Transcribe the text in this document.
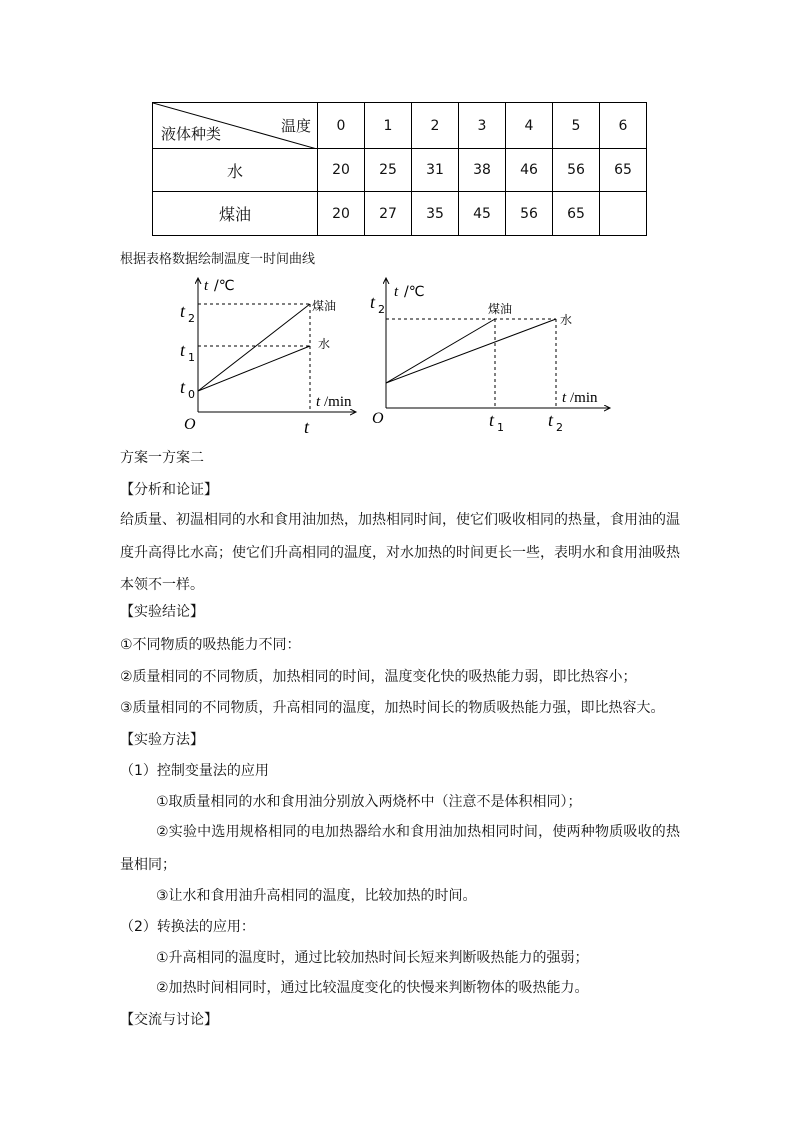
温度
液体种类	0	1	2	3	4	5	6
水	20	25	31	38	46	56	65
煤油	20	27	35	45	56	65	
根据表格数据绘制温度一时间曲线
t /℃
煤油
水
t 2
t 1
t 0
O	t
t /min
t /℃
煤油
水
t 2
O	t 1 t 2
t /min
方案一方案二
【分析和论证】
给质量、初温相同的水和食用油加热，加热相同时间，使它们吸收相同的热量，食用油的温度升高得比水高；使它们升高相同的温度，对水加热的时间更长一些，表明水和食用油吸热本领不一样。
【实验结论】
①不同物质的吸热能力不同：
②质量相同的不同物质，加热相同的时间，温度变化快的吸热能力弱，即比热容小；
③质量相同的不同物质，升高相同的温度，加热时间长的物质吸热能力强，即比热容大。
【实验方法】
（1）控制变量法的应用
①取质量相同的水和食用油分别放入两烧杯中（注意不是体积相同）；
②实验中选用规格相同的电加热器给水和食用油加热相同时间，使两种物质吸收的热量相同；
③让水和食用油升高相同的温度，比较加热的时间。
（2）转换法的应用：
①升高相同的温度时，通过比较加热时间长短来判断吸热能力的强弱；
②加热时间相同时，通过比较温度变化的快慢来判断物体的吸热能力。
【交流与讨论】
